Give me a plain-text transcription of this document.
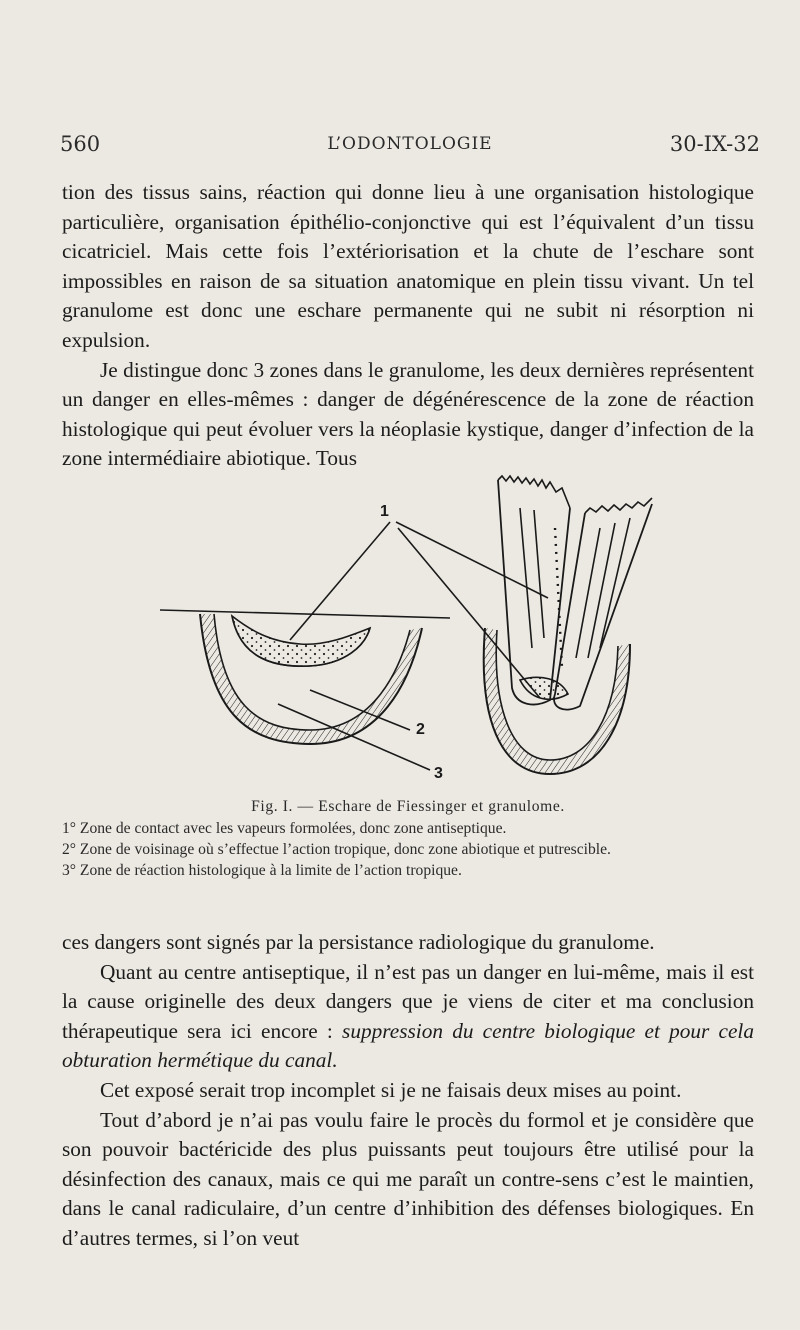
560	L’ODONTOLOGIE	30-IX-32

tion des tissus sains, réaction qui donne lieu à une organisation histologique particulière, organisation épithélio-conjonctive qui est l’équivalent d’un tissu cicatriciel. Mais cette fois l’extériorisation et la chute de l’eschare sont impossibles en raison de sa situation anatomique en plein tissu vivant. Un tel granulome est donc une eschare permanente qui ne subit ni résorption ni expulsion.

Je distingue donc 3 zones dans le granulome, les deux dernières représentent un danger en elles-mêmes : danger de dégénérescence de la zone de réaction histologique qui peut évoluer vers la néoplasie kystique, danger d’infection de la zone intermédiaire abiotique. Tous

1
2
3
Fig. I. — Eschare de Fiessinger et granulome.
1° Zone de contact avec les vapeurs formolées, donc zone antiseptique.
2° Zone de voisinage où s’effectue l’action tropique, donc zone abiotique et putrescible.
3° Zone de réaction histologique à la limite de l’action tropique.

ces dangers sont signés par la persistance radiologique du granulome.

Quant au centre antiseptique, il n’est pas un danger en lui-même, mais il est la cause originelle des deux dangers que je viens de citer et ma conclusion thérapeutique sera ici encore : suppression du centre biologique et pour cela obturation hermétique du canal.

Cet exposé serait trop incomplet si je ne faisais deux mises au point.

Tout d’abord je n’ai pas voulu faire le procès du formol et je considère que son pouvoir bactéricide des plus puissants peut toujours être utilisé pour la désinfection des canaux, mais ce qui me paraît un contre-sens c’est le maintien, dans le canal radiculaire, d’un centre d’inhibition des défenses biologiques. En d’autres termes, si l’on veut
